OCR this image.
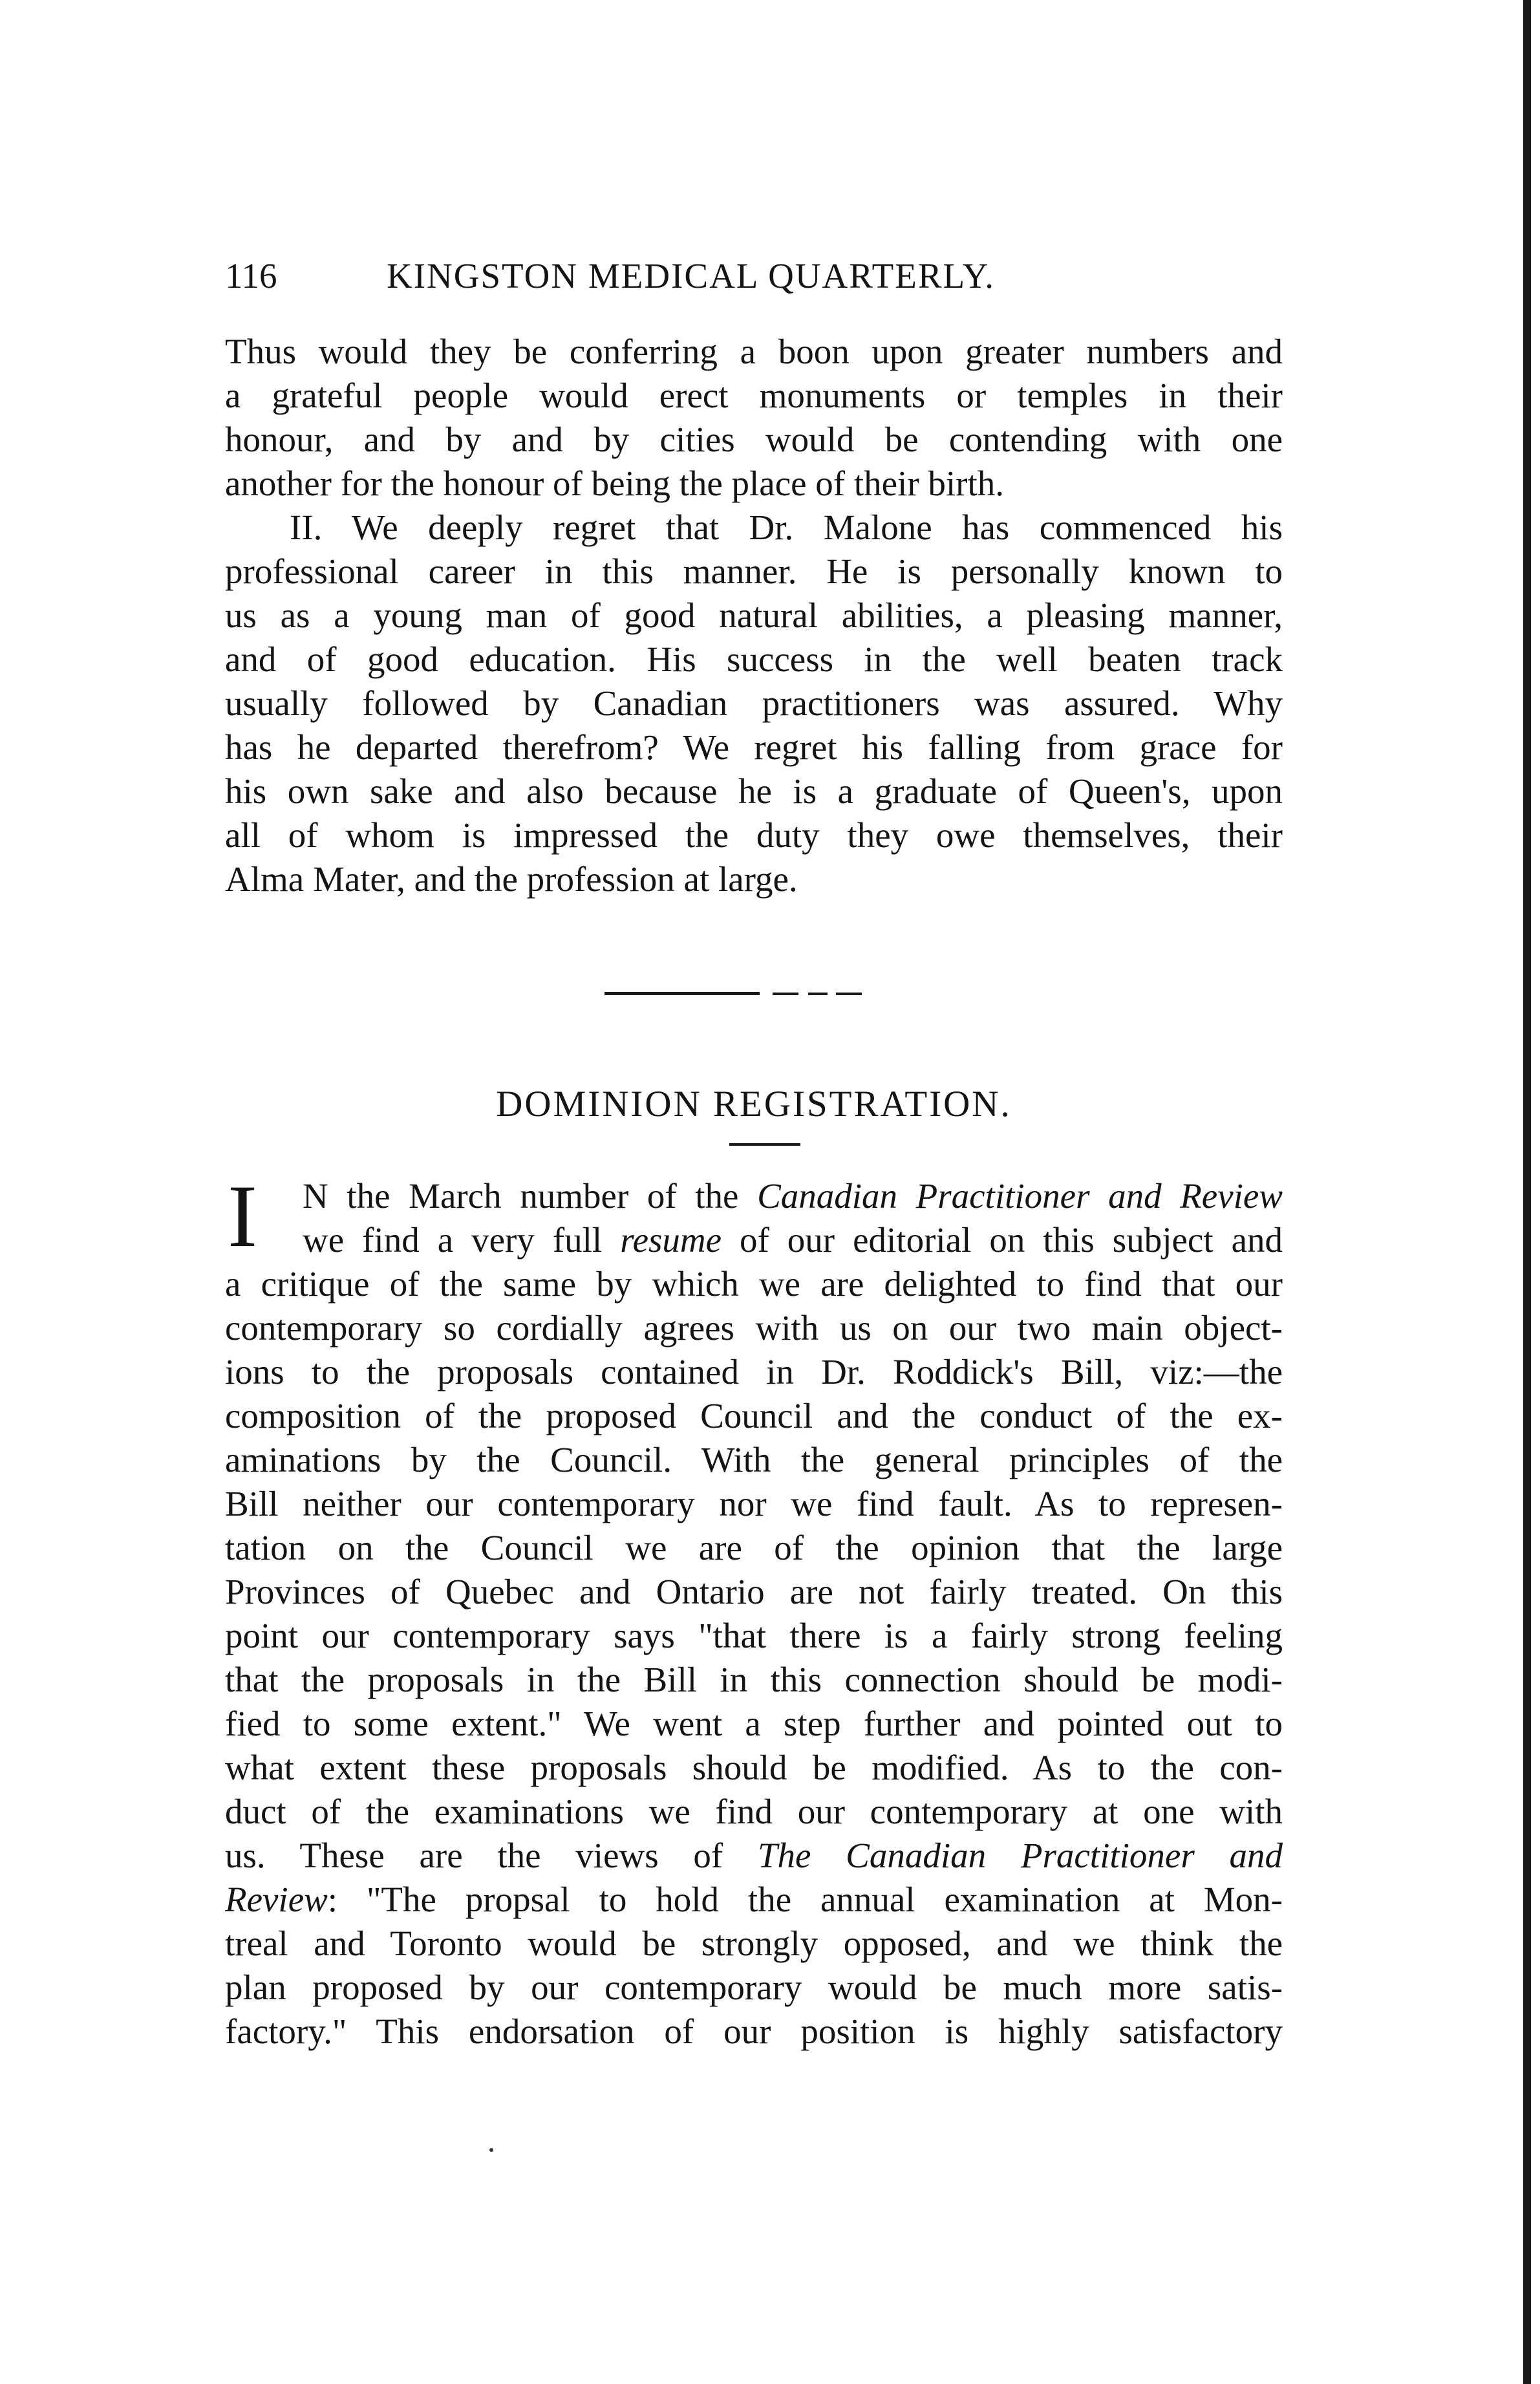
116	KINGSTON MEDICAL QUARTERLY.
Thus would they be conferring a boon upon greater numbers and
a grateful people would erect monuments or temples in their
honour, and by and by cities would be contending with one
another for the honour of being the place of their birth.
II. We deeply regret that Dr. Malone has commenced his
professional career in this manner. He is personally known to
us as a young man of good natural abilities, a pleasing manner,
and of good education. His success in the well beaten track
usually followed by Canadian practitioners was assured. Why
has he departed therefrom? We regret his falling from grace for
his own sake and also because he is a graduate of Queen's, upon
all of whom is impressed the duty they owe themselves, their
Alma Mater, and the profession at large.
DOMINION REGISTRATION.
I	N the March number of the Canadian Practitioner and Review
we find a very full resume of our editorial on this subject and
a critique of the same by which we are delighted to find that our
contemporary so cordially agrees with us on our two main object-
ions to the proposals contained in Dr. Roddick's Bill, viz:—the
composition of the proposed Council and the conduct of the ex-
aminations by the Council. With the general principles of the
Bill neither our contemporary nor we find fault. As to represen-
tation on the Council we are of the opinion that the large
Provinces of Quebec and Ontario are not fairly treated. On this
point our contemporary says "that there is a fairly strong feeling
that the proposals in the Bill in this connection should be modi-
fied to some extent." We went a step further and pointed out to
what extent these proposals should be modified. As to the con-
duct of the examinations we find our contemporary at one with
us. These are the views of The Canadian Practitioner and
Review: "The propsal to hold the annual examination at Mon-
treal and Toronto would be strongly opposed, and we think the
plan proposed by our contemporary would be much more satis-
factory." This endorsation of our position is highly satisfactory
